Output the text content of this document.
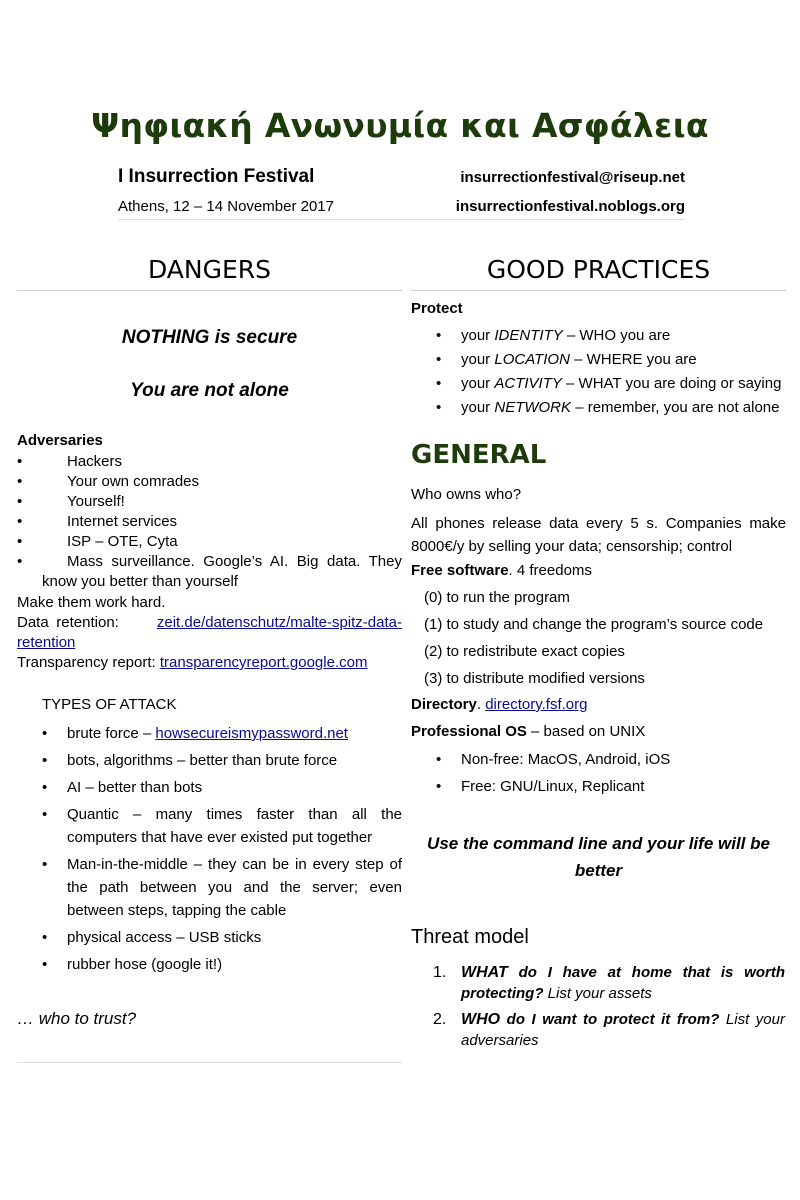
Ψηφιακή Ανωνυμία και Ασφάλεια
I Insurrection Festival
Athens, 12 – 14 November 2017
insurrectionfestival@riseup.net
insurrectionfestival.noblogs.org
DANGERS	GOOD PRACTICES
NOTHING is secure
You are not alone
Adversaries
• Hackers
• Your own comrades
• Yourself!
• Internet services
• ISP – OTE, Cyta
• Mass surveillance. Google’s AI. Big data. They know you better than yourself
Make them work hard.
Data retention:	zeit.de/datenschutz/malte-spitz-data-retention
Transparency report: transparencyreport.google.com
TYPES OF ATTACK
• brute force – howsecureismypassword.net
• bots, algorithms – better than brute force
• AI – better than bots
• Quantic – many times faster than all the computers that have ever existed put together
• Man-in-the-middle – they can be in every step of the path between you and the server; even between steps, tapping the cable
• physical access – USB sticks
• rubber hose (google it!)
… who to trust?
Protect
• your IDENTITY – WHO you are
• your LOCATION – WHERE you are
• your ACTIVITY – WHAT you are doing or saying
• your NETWORK – remember, you are not alone
GENERAL
Who owns who?
All phones release data every 5 s. Companies make 8000€/y by selling your data; censorship; control
Free software. 4 freedoms
(0) to run the program
(1) to study and change the program’s source code
(2) to redistribute exact copies
(3) to distribute modified versions
Directory. directory.fsf.org
Professional OS – based on UNIX
• Non-free: MacOS, Android, iOS
• Free: GNU/Linux, Replicant
Use the command line and your life will be better
Threat model
1. WHAT do I have at home that is worth protecting? List your assets
2. WHO do I want to protect it from? List your adversaries
